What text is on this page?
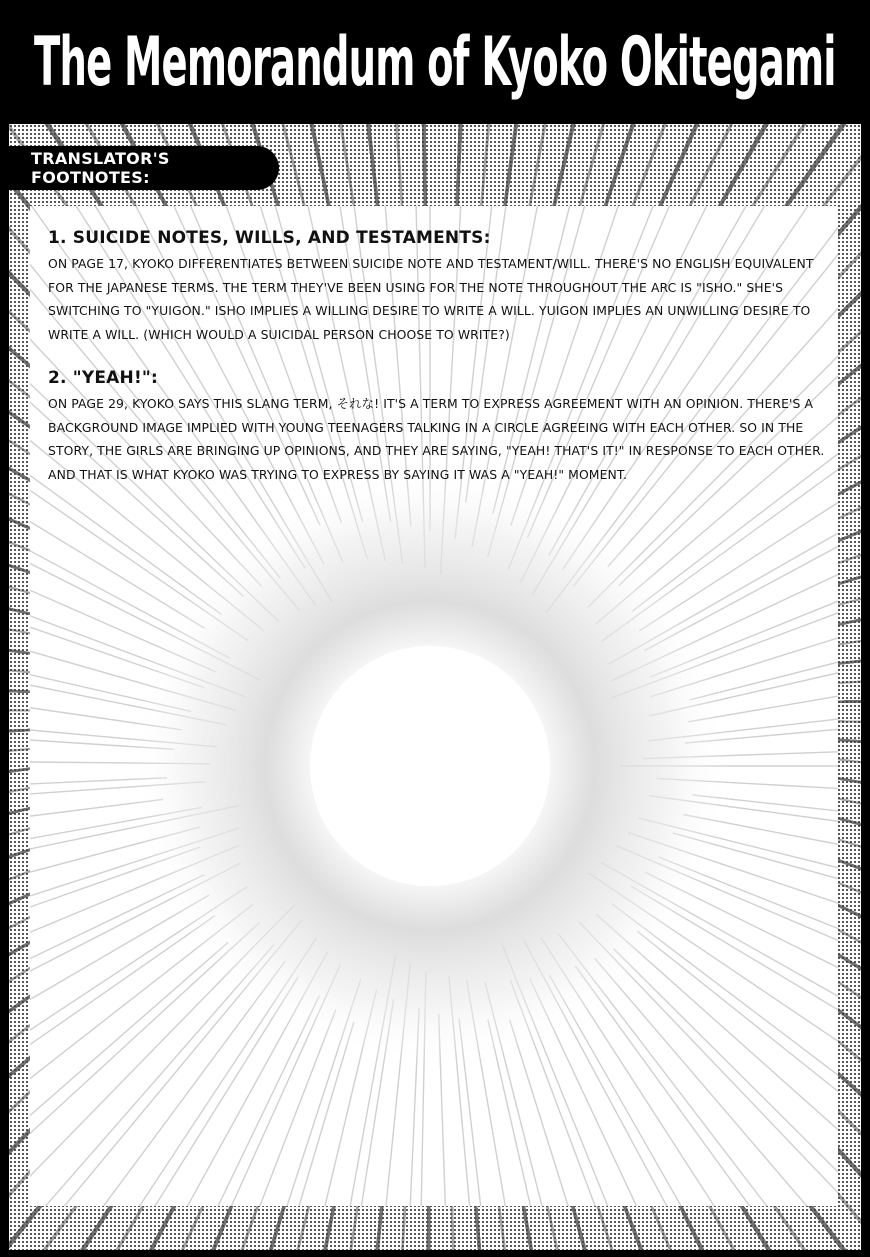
The Memorandum of Kyoko Okitegami
TRANSLATOR'S FOOTNOTES:
1. SUICIDE NOTES, WILLS, AND TESTAMENTS:
ON PAGE 17, KYOKO DIFFERENTIATES BETWEEN SUICIDE NOTE AND TESTAMENT/WILL. THERE'S NO ENGLISH EQUIVALENT FOR THE JAPANESE TERMS. THE TERM THEY'VE BEEN USING FOR THE NOTE THROUGHOUT THE ARC IS "ISHO." SHE'S SWITCHING TO "YUIGON." ISHO IMPLIES A WILLING DESIRE TO WRITE A WILL. YUIGON IMPLIES AN UNWILLING DESIRE TO WRITE A WILL. (WHICH WOULD A SUICIDAL PERSON CHOOSE TO WRITE?)
2. "YEAH!":
ON PAGE 29, KYOKO SAYS THIS SLANG TERM, それな! IT'S A TERM TO EXPRESS AGREEMENT WITH AN OPINION. THERE'S A BACKGROUND IMAGE IMPLIED WITH YOUNG TEENAGERS TALKING IN A CIRCLE AGREEING WITH EACH OTHER. SO IN THE STORY, THE GIRLS ARE BRINGING UP OPINIONS, AND THEY ARE SAYING, "YEAH! THAT'S IT!" IN RESPONSE TO EACH OTHER. AND THAT IS WHAT KYOKO WAS TRYING TO EXPRESS BY SAYING IT WAS A "YEAH!" MOMENT.
